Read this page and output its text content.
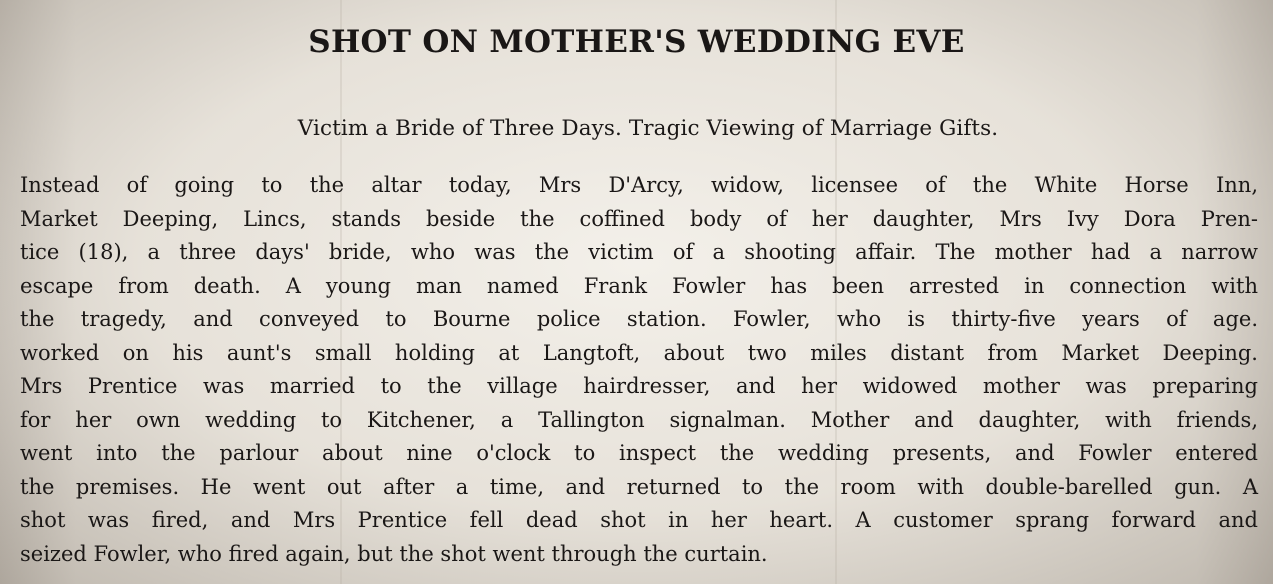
SHOT ON MOTHER'S WEDDING EVE
Victim a Bride of Three Days. Tragic Viewing of Marriage Gifts.
Instead of going to the altar today, Mrs D'Arcy, widow, licensee of the White Horse Inn,
Market Deeping, Lincs, stands beside the coffined body of her daughter, Mrs Ivy Dora Pren-
tice (18), a three days' bride, who was the victim of a shooting affair. The mother had a narrow
escape from death. A young man named Frank Fowler has been arrested in connection with
the tragedy, and conveyed to Bourne police station. Fowler, who is thirty-five years of age.
worked on his aunt's small holding at Langtoft, about two miles distant from Market Deeping.
Mrs Prentice was married to the village hairdresser, and her widowed mother was preparing
for her own wedding to Kitchener, a Tallington signalman. Mother and daughter, with friends,
went into the parlour about nine o'clock to inspect the wedding presents, and Fowler entered
the premises. He went out after a time, and returned to the room with double-barelled gun. A
shot was fired, and Mrs Prentice fell dead shot in her heart. A customer sprang forward and
seized Fowler, who fired again, but the shot went through the curtain.
